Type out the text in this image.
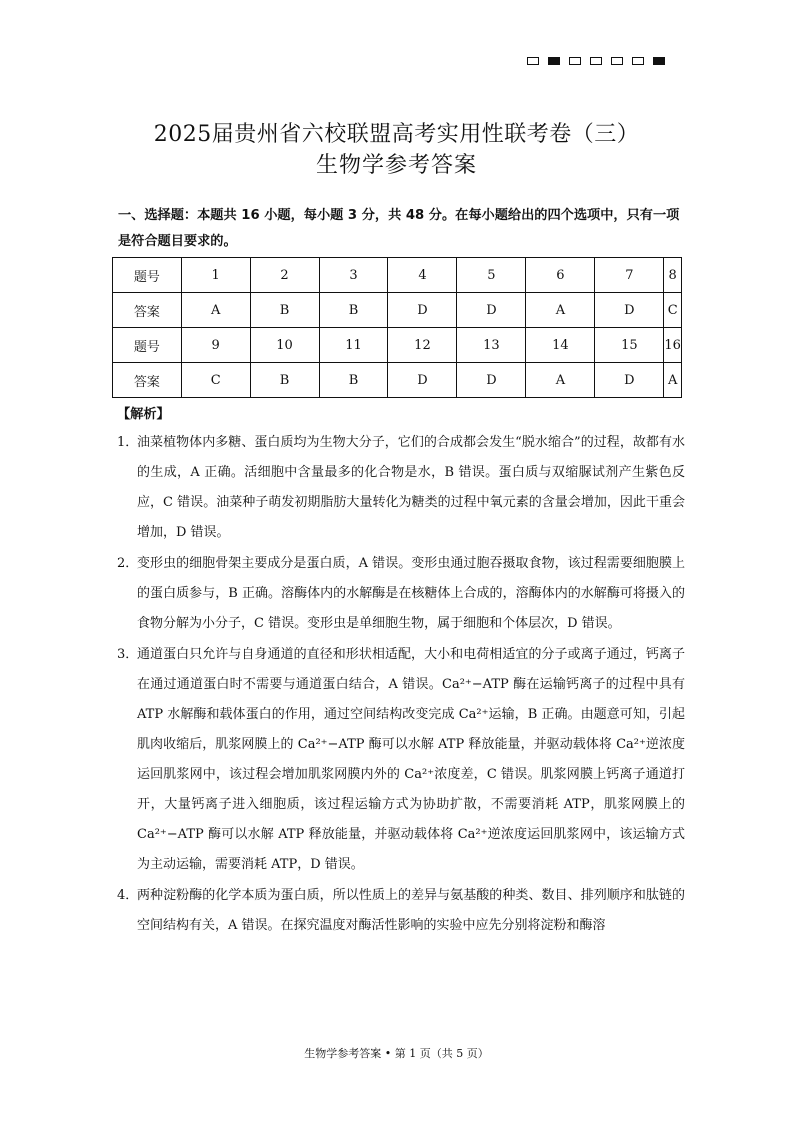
2025届贵州省六校联盟高考实用性联考卷（三）
生物学参考答案
一、选择题：本题共 16 小题，每小题 3 分，共 48 分。在每小题给出的四个选项中，只有一项是符合题目要求的。
题号	1	2	3	4	5	6	7	8
答案	A	B	B	D	D	A	D	C
题号	9	10	11	12	13	14	15	16
答案	C	B	B	D	D	A	D	A
【解析】
1．
油菜植物体内多糖、蛋白质均为生物大分子，它们的合成都会发生“脱水缩合”的过程，故都有水的生成，A 正确。活细胞中含量最多的化合物是水，B 错误。蛋白质与双缩脲试剂产生紫色反应，C 错误。油菜种子萌发初期脂肪大量转化为糖类的过程中氧元素的含量会增加，因此干重会增加，D 错误。
2．
变形虫的细胞骨架主要成分是蛋白质，A 错误。变形虫通过胞吞摄取食物，该过程需要细胞膜上的蛋白质参与，B 正确。溶酶体内的水解酶是在核糖体上合成的，溶酶体内的水解酶可将摄入的食物分解为小分子，C 错误。变形虫是单细胞生物，属于细胞和个体层次，D 错误。
3．
通道蛋白只允许与自身通道的直径和形状相适配，大小和电荷相适宜的分子或离子通过，钙离子在通过通道蛋白时不需要与通道蛋白结合，A 错误。Ca²⁺−ATP 酶在运输钙离子的过程中具有 ATP 水解酶和载体蛋白的作用，通过空间结构改变完成 Ca²⁺运输，B 正确。由题意可知，引起肌肉收缩后，肌浆网膜上的 Ca²⁺−ATP 酶可以水解 ATP 释放能量，并驱动载体将 Ca²⁺逆浓度运回肌浆网中，该过程会增加肌浆网膜内外的 Ca²⁺浓度差，C 错误。肌浆网膜上钙离子通道打开，大量钙离子进入细胞质，该过程运输方式为协助扩散，不需要消耗 ATP，肌浆网膜上的 Ca²⁺−ATP 酶可以水解 ATP 释放能量，并驱动载体将 Ca²⁺逆浓度运回肌浆网中，该运输方式为主动运输，需要消耗 ATP，D 错误。
4．
两种淀粉酶的化学本质为蛋白质，所以性质上的差异与氨基酸的种类、数目、排列顺序和肽链的空间结构有关，A 错误。在探究温度对酶活性影响的实验中应先分别将淀粉和酶溶
生物学参考答案 • 第 1 页（共 5 页）
